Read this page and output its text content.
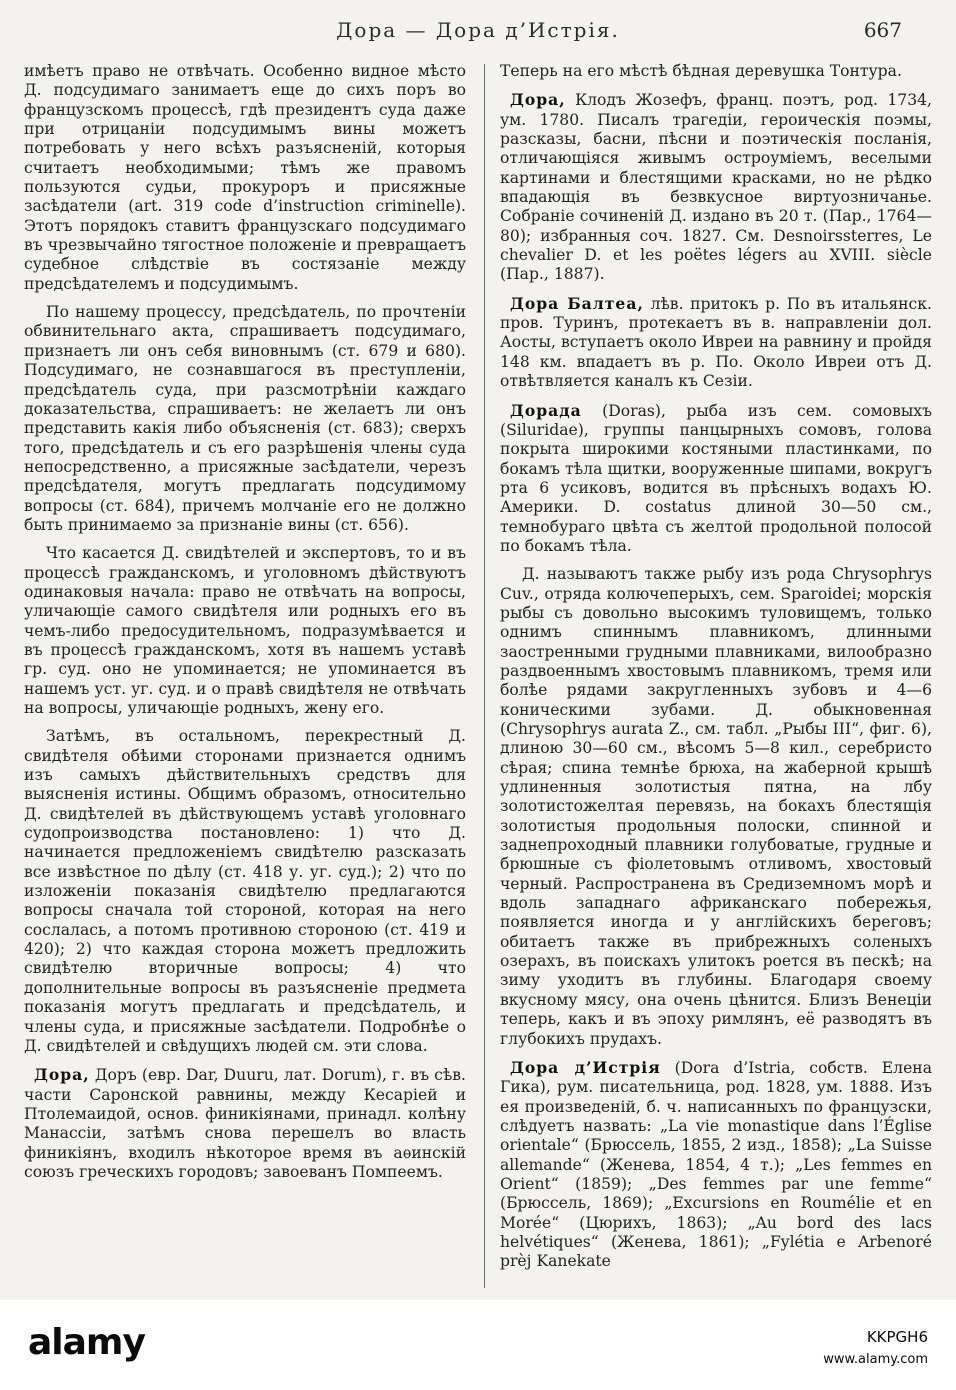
Дора — Дора д’Истрія.	667

имѣетъ право не отвѣчать. Особенно видное мѣсто Д. подсудимаго занимаетъ еще до сихъ поръ во французскомъ процессѣ, гдѣ президентъ суда даже при отрицаніи подсудимымъ вины можетъ потребовать у него всѣхъ разъясненій, которыя считаетъ необходимыми; тѣмъ же правомъ пользуются судьи, прокуроръ и присяжные засѣдатели (art. 319 code d’instruction criminelle). Этотъ порядокъ ставитъ французскаго подсудимаго въ чрезвычайно тягостное положеніе и превращаетъ судебное слѣдствіе въ состязаніе между предсѣдателемъ и подсудимымъ.

По нашему процессу, предсѣдатель, по прочтеніи обвинительнаго акта, спрашиваетъ подсудимаго, признаетъ ли онъ себя виновнымъ (ст. 679 и 680). Подсудимаго, не сознавшагося въ преступленіи, предсѣдатель суда, при разсмотрѣніи каждаго доказательства, спрашиваетъ: не желаетъ ли онъ представить какія либо объясненія (ст. 683); сверхъ того, предсѣдатель и съ его разрѣшенія члены суда непосредственно, а присяжные засѣдатели, черезъ предсѣдателя, могутъ предлагать подсудимому вопросы (ст. 684), причемъ молчаніе его не должно быть принимаемо за признаніе вины (ст. 656).

Что касается Д. свидѣтелей и экспертовъ, то и въ процессѣ гражданскомъ, и уголовномъ дѣйствуютъ одинаковыя начала: право не отвѣчать на вопросы, уличающіе самого свидѣтеля или родныхъ его въ чемъ-либо предосудительномъ, подразумѣвается и въ процессѣ гражданскомъ, хотя въ нашемъ уставѣ гр. суд. оно не упоминается; не упоминается въ нашемъ уст. уг. суд. и о правѣ свидѣтеля не отвѣчать на вопросы, уличающіе родныхъ, жену его.

Затѣмъ, въ остальномъ, перекрестный Д. свидѣтеля обѣими сторонами признается однимъ изъ самыхъ дѣйствительныхъ средствъ для выясненія истины. Общимъ образомъ, относительно Д. свидѣтелей въ дѣйствующемъ уставѣ уголовнаго судопроизводства постановлено: 1) что Д. начинается предложеніемъ свидѣтелю разсказать все извѣстное по дѣлу (ст. 418 у. уг. суд.); 2) что по изложеніи показанія свидѣтелю предлагаются вопросы сначала той стороной, которая на него сослалась, а потомъ противною стороною (ст. 419 и 420); 2) что каждая сторона можетъ предложить свидѣтелю вторичные вопросы; 4) что дополнительные вопросы въ разъясненіе предмета показанія могутъ предлагать и предсѣдатель, и члены суда, и присяжные засѣдатели. Подробнѣе о Д. свидѣтелей и свѣдущихъ людей см. эти слова.

Дора, Доръ (евр. Dar, Duuru, лат. Dorum), г. въ сѣв. части Саронской равнины, между Кесаріей и Птолемаидой, основ. финикіянами, принадл. колѣну Манассіи, затѣмъ снова перешелъ во власть финикіянъ, входилъ нѣкоторое время въ аѳинскій союзъ греческихъ городовъ; завоеванъ Помпеемъ.

Теперь на его мѣстѣ бѣдная деревушка Тонтура.

Дора, Клодъ Жозефъ, франц. поэтъ, род. 1734, ум. 1780. Писалъ трагедіи, героическія поэмы, разсказы, басни, пѣсни и поэтическія посланія, отличающіяся живымъ остроуміемъ, веселыми картинами и блестящими красками, но не рѣдко впадающія въ безвкусное виртуозничанье. Собраніе сочиненій Д. издано въ 20 т. (Пар., 1764—80); избранныя соч. 1827. См. Desnoirssterres, Le chevalier D. et les poëtes légers au XVIII. siècle (Пар., 1887).

Дора Балтеа, лѣв. притокъ р. По въ итальянск. пров. Туринъ, протекаетъ въ в. направленіи дол. Аосты, вступаетъ около Ивреи на равнину и пройдя 148 км. впадаетъ въ р. По. Около Ивреи отъ Д. отвѣтвляется каналъ къ Сезіи.

Дорада (Doras), рыба изъ сем. сомовыхъ (Siluridae), группы панцырныхъ сомовъ, голова покрыта широкими костяными пластинками, по бокамъ тѣла щитки, вооруженные шипами, вокругъ рта 6 усиковъ, водится въ прѣсныхъ водахъ Ю. Америки. D. costatus длиной 30—50 см., темнобураго цвѣта съ желтой продольной полосой по бокамъ тѣла.

Д. называютъ также рыбу изъ рода Chrysophrys Cuv., отряда колючеперыхъ, сем. Sparoidei; морскія рыбы съ довольно высокимъ туловищемъ, только однимъ спиннымъ плавникомъ, длинными заостренными грудными плавниками, вилообразно раздвоеннымъ хвостовымъ плавникомъ, тремя или болѣе рядами закругленныхъ зубовъ и 4—6 коническими зубами. Д. обыкновенная (Chrysophrys aurata Z., см. табл. „Рыбы III“, фиг. 6), длиною 30—60 см., вѣсомъ 5—8 кил., серебристо сѣрая; спина темнѣе брюха, на жаберной крышѣ удлиненныя золотистыя пятна, на лбу золотистожелтая перевязь, на бокахъ блестящія золотистыя продольныя полоски, спинной и заднепроходный плавники голубоватые, грудные и брюшные съ фіолетовымъ отливомъ, хвостовый черный. Распространена въ Средиземномъ морѣ и вдоль западнаго африканскаго побережья, появляется иногда и у англійскихъ береговъ; обитаетъ также въ прибрежныхъ соленыхъ озерахъ, въ поискахъ улитокъ роется въ пескѣ; на зиму уходитъ въ глубины. Благодаря своему вкусному мясу, она очень цѣнится. Близъ Венеціи теперь, какъ и въ эпоху римлянъ, её разводятъ въ глубокихъ прудахъ.

Дора д’Истрія (Dora d’Istria, собств. Елена Гика), рум. писательница, род. 1828, ум. 1888. Изъ ея произведеній, б. ч. написанныхъ по французски, слѣдуетъ назвать: „La vie monastique dans l’Église orientale“ (Брюссель, 1855, 2 изд., 1858); „La Suisse allemande“ (Женева, 1854, 4 т.); „Les femmes en Orient“ (1859); „Des femmes par une femme“ (Брюссель, 1869); „Excursions en Roumélie et en Morée“ (Цюрихъ, 1863); „Au bord des lacs helvétiques“ (Женева, 1861); „Fylétia e Arbenoré prèj Kanekate

alamy	KKPGH6
www.alamy.com
